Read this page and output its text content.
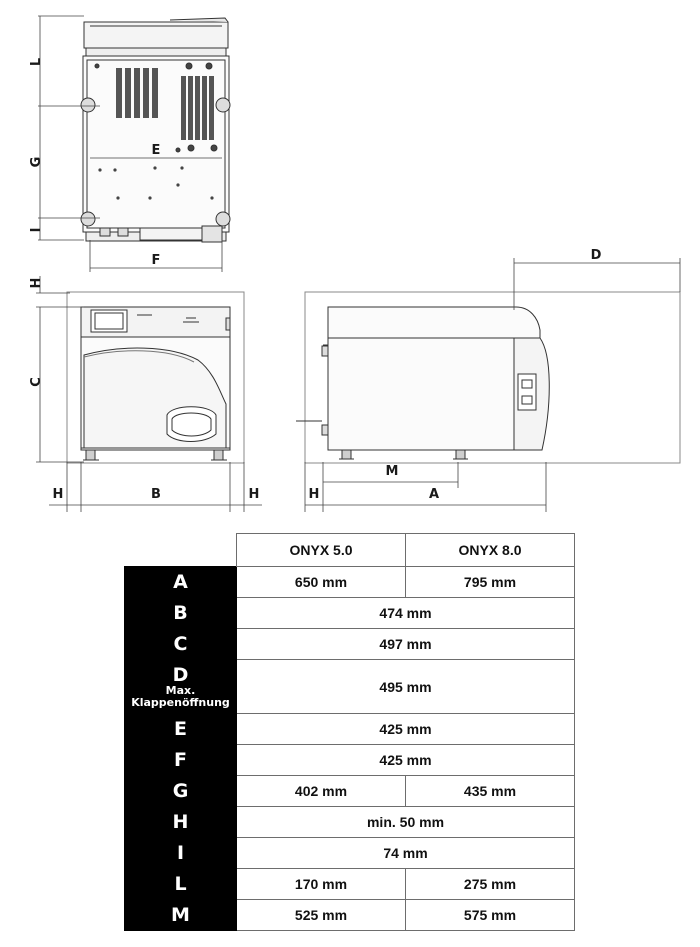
L
G
I
E
F
H
C
H	B	H
D
M
H	A
	ONYX 5.0	ONYX 8.0
A	650 mm	795 mm
B	474 mm	
C	497 mm	
D
Max.
Klappenöffnung	495 mm	
E	425 mm	
F	425 mm	
G	402 mm	435 mm
H	min. 50 mm	
I	74 mm	
L	170 mm	275 mm
M	525 mm	575 mm
